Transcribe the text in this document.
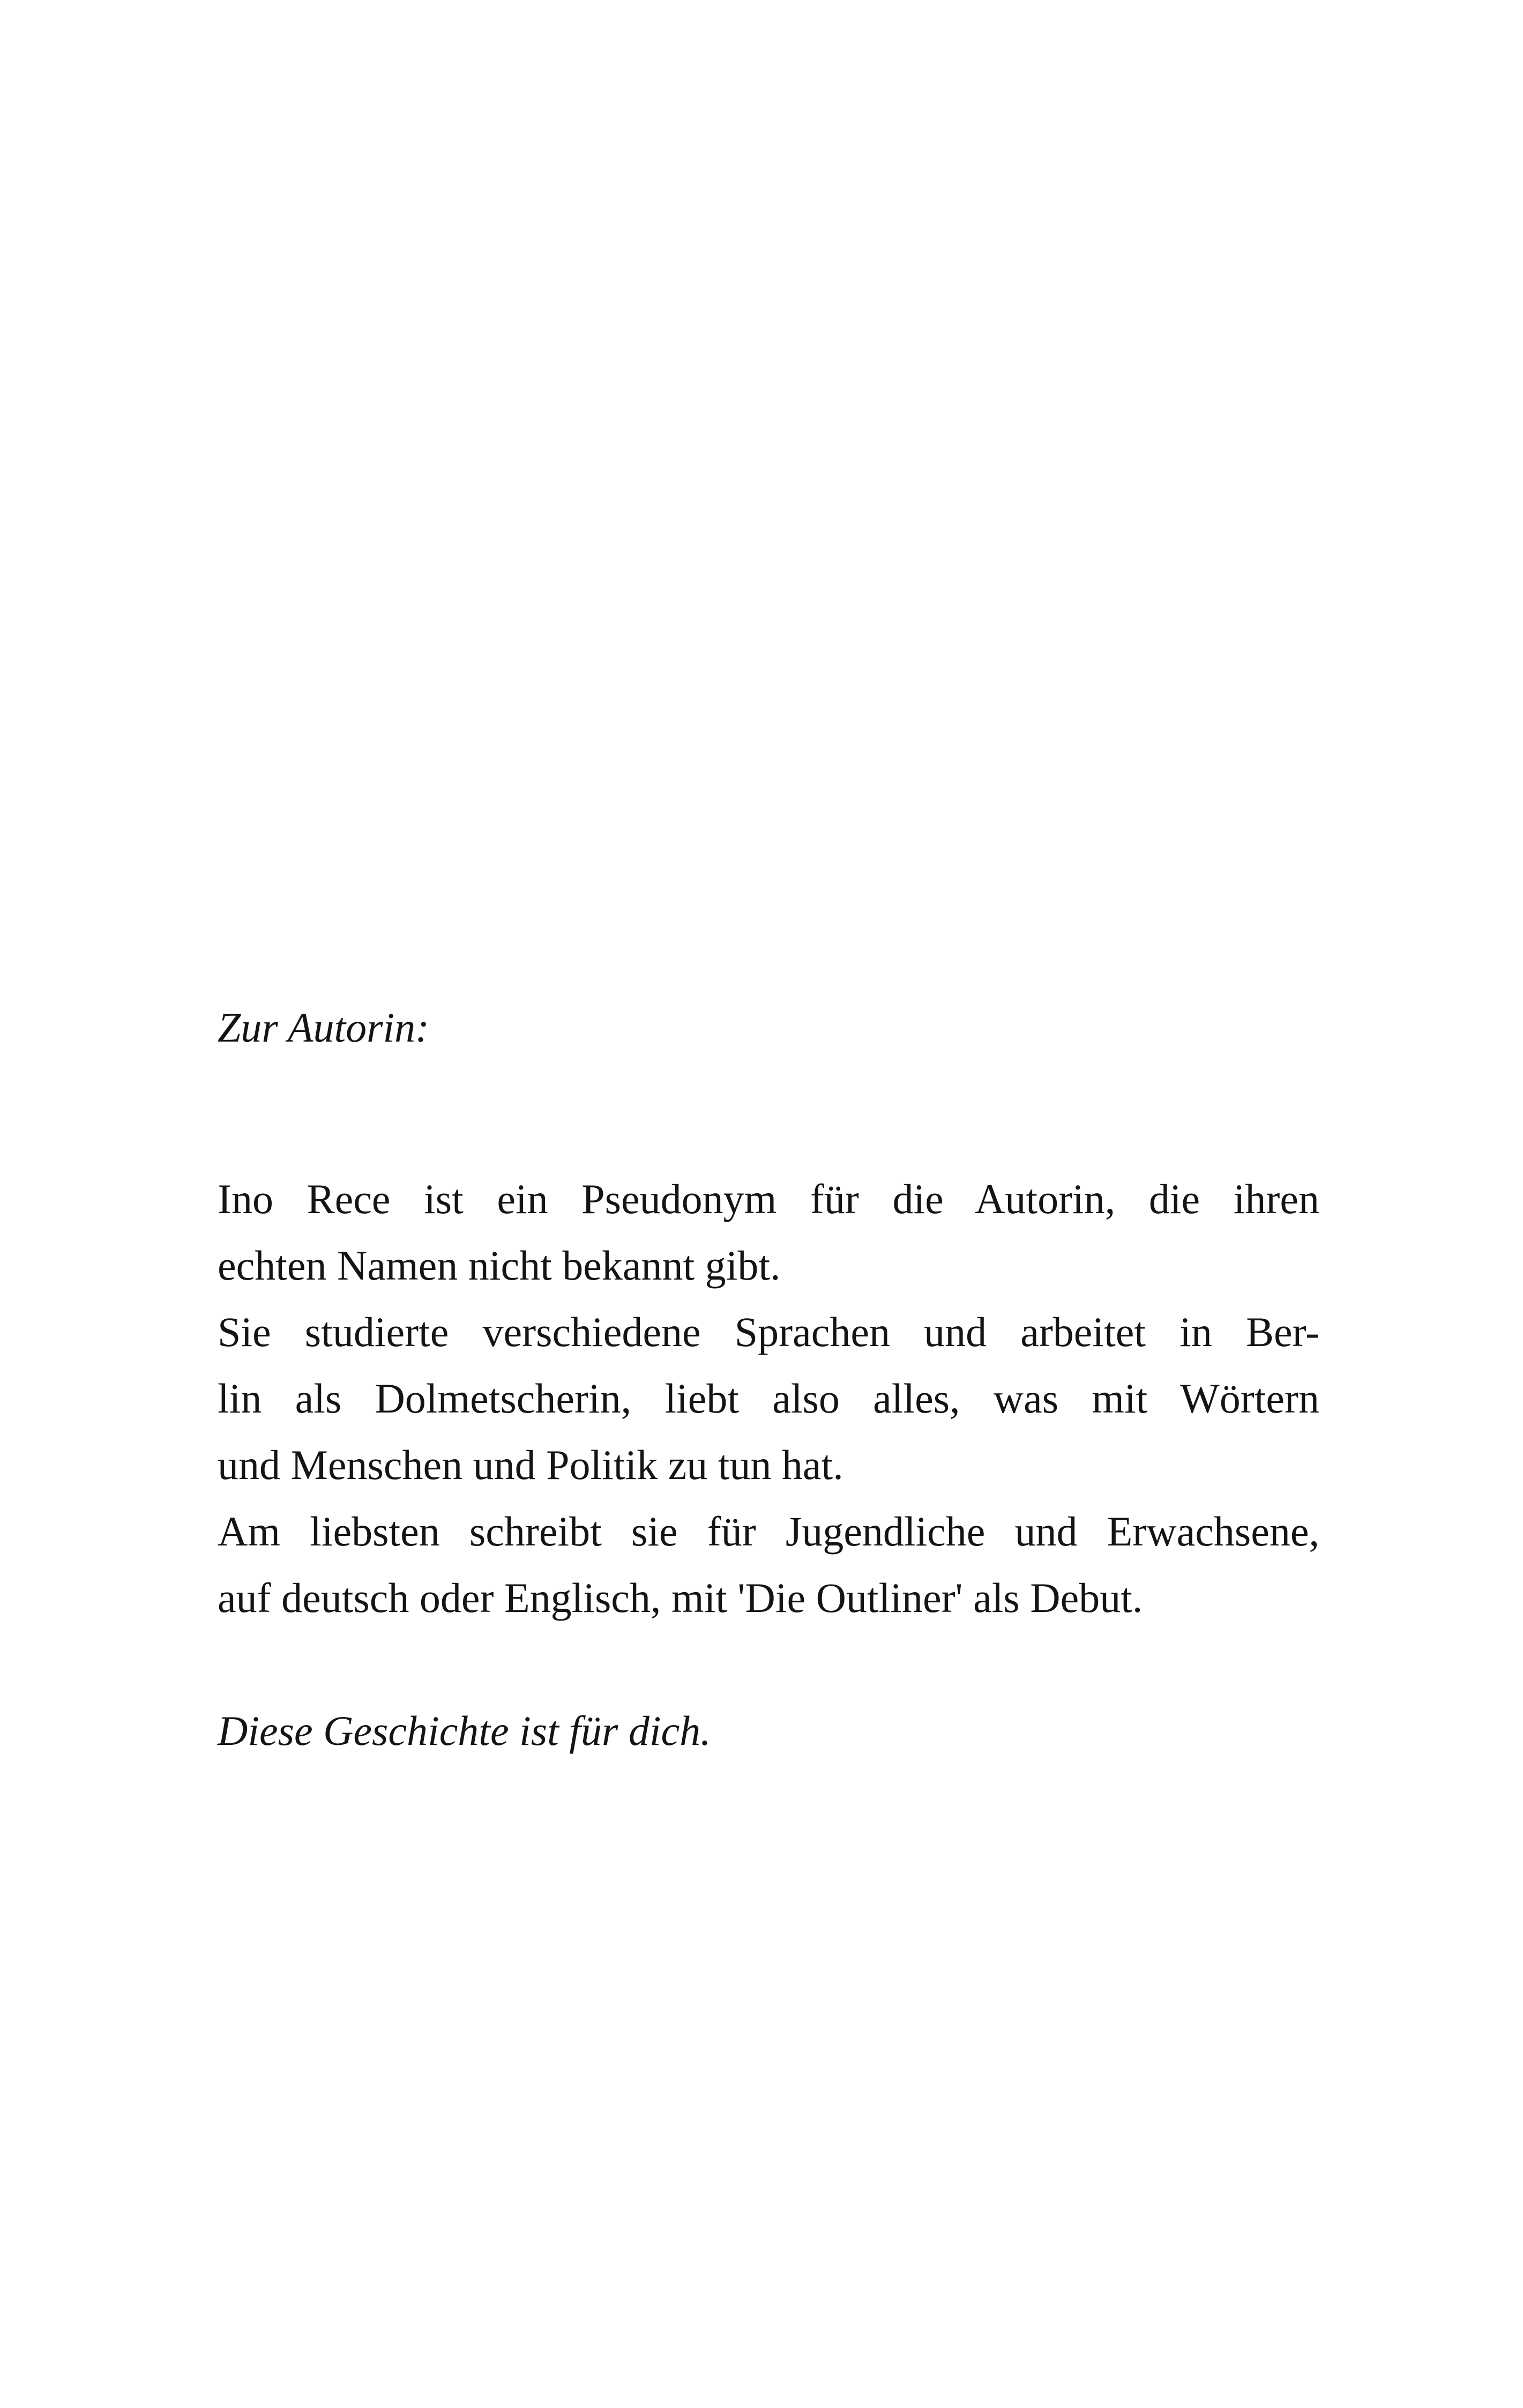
Zur Autorin:

Ino Rece ist ein Pseudonym für die Autorin, die ihren
echten Namen nicht bekannt gibt.
Sie studierte verschiedene Sprachen und arbeitet in Ber-
lin als Dolmetscherin, liebt also alles, was mit Wörtern
und Menschen und Politik zu tun hat.
Am liebsten schreibt sie für Jugendliche und Erwachsene,
auf deutsch oder Englisch, mit 'Die Outliner' als Debut.

Diese Geschichte ist für dich.
